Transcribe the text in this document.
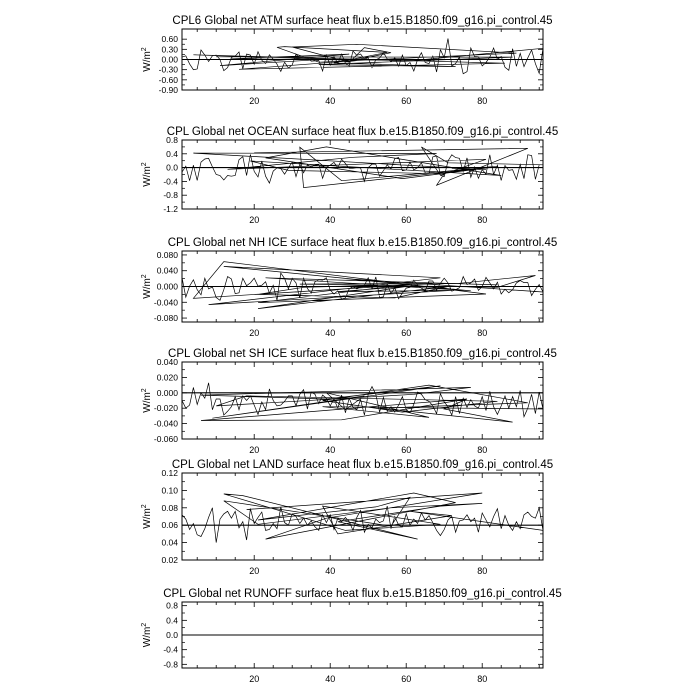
CPL6 Global net ATM surface heat flux b.e15.B1850.f09_g16.pi_control.45
20	40	60	80
0.60
0.30
0.00
-0.30
-0.60
-0.90
$W/m^2$
CPL Global net OCEAN surface heat flux b.e15.B1850.f09_g16.pi_control.45
20	40	60	80
0.8
0.4
0.0
-0.4
-0.8
-1.2
$W/m^2$
CPL Global net NH ICE surface heat flux b.e15.B1850.f09_g16.pi_control.45
20	40	60	80
0.080
0.040
0.000
-0.040
-0.080
$W/m^2$
CPL Global net SH ICE surface heat flux b.e15.B1850.f09_g16.pi_control.45
20	40	60	80
0.040
0.020
0.000
-0.020
-0.040
-0.060
$W/m^2$
CPL Global net LAND surface heat flux b.e15.B1850.f09_g16.pi_control.45
20	40	60	80
0.12
0.10
0.08
0.06
0.04
0.02
$W/m^2$
CPL Global net RUNOFF surface heat flux b.e15.B1850.f09_g16.pi_control.45
20	40	60	80
0.8
0.4
0.0
-0.4
-0.8
$W/m^2$
